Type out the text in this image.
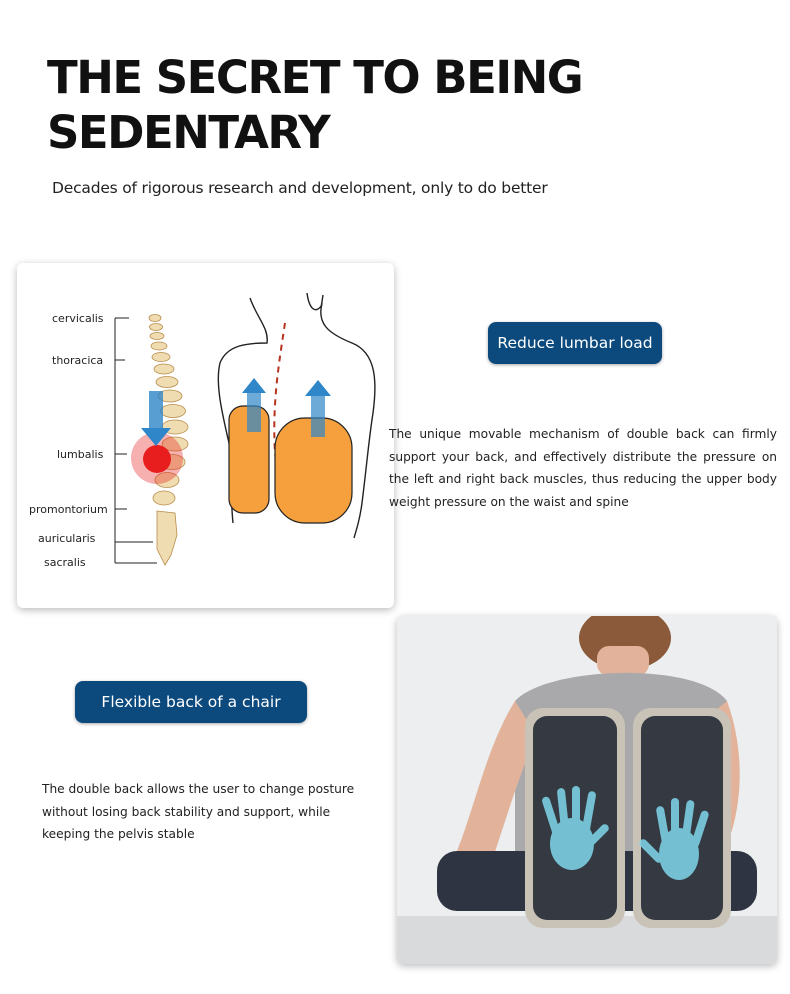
THE SECRET TO BEING SEDENTARY
Decades of rigorous research and development, only to do better
cervicalis
thoracica
lumbalis
promontorium
auricularis
sacralis
Reduce lumbar load
The unique movable mechanism of double back can firmly support your back, and effectively distribute the pressure on the left and right back muscles, thus reducing the upper body weight pressure on the waist and spine
Flexible back of a chair
The double back allows the user to change posture without losing back stability and support, while keeping the pelvis stable
